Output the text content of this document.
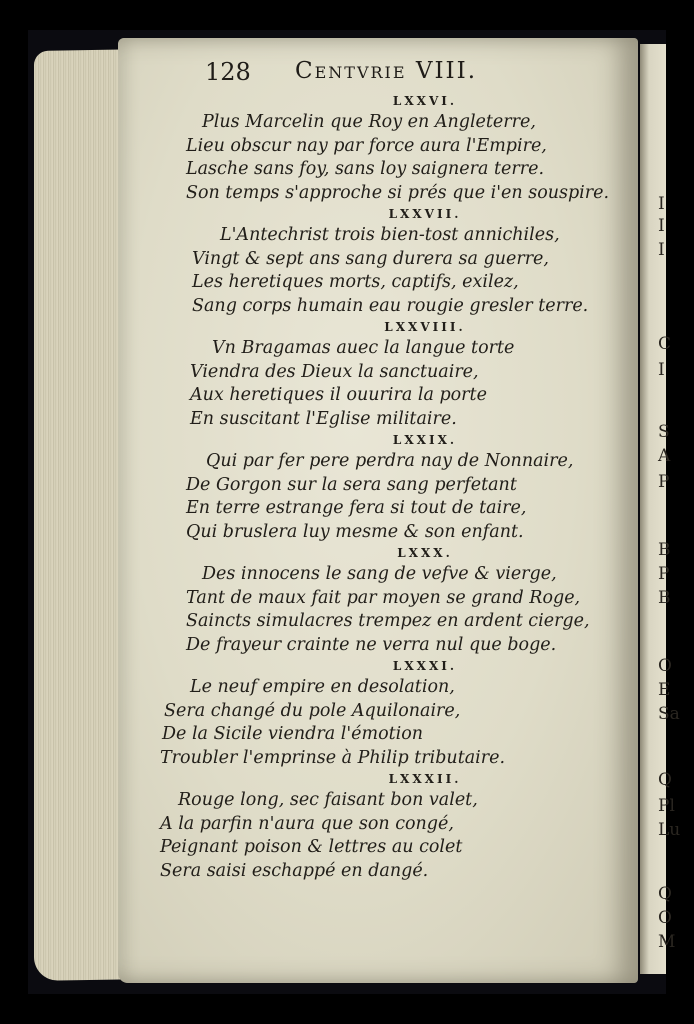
I
I
I
C
I
S
A
P
B
P
B
O
E
Sa
Q
Pl
Lu
Q
O
M
128 Centvrie VIII.
LXXVI.
Plus Marcelin que Roy en Angleterre,
Lieu obscur nay par force aura l'Empire,
Lasche sans foy, sans loy saignera terre.
Son temps s'approche si prés que i'en souspire.
LXXVII.
L'Antechrist trois bien-tost annichiles,
Vingt & sept ans sang durera sa guerre,
Les heretiques morts, captifs, exilez,
Sang corps humain eau rougie gresler terre.
LXXVIII.
Vn Bragamas auec la langue torte
Viendra des Dieux la sanctuaire,
Aux heretiques il ouurira la porte
En suscitant l'Eglise militaire.
LXXIX.
Qui par fer pere perdra nay de Nonnaire,
De Gorgon sur la sera sang perfetant
En terre estrange fera si tout de taire,
Qui bruslera luy mesme & son enfant.
LXXX.
Des innocens le sang de vefve & vierge,
Tant de maux fait par moyen se grand Roge,
Saincts simulacres trempez en ardent cierge,
De frayeur crainte ne verra nul que boge.
LXXXI.
Le neuf empire en desolation,
Sera changé du pole Aquilonaire,
De la Sicile viendra l'émotion
Troubler l'emprinse à Philip tributaire.
LXXXII.
Rouge long, sec faisant bon valet,
A la parfin n'aura que son congé,
Peignant poison & lettres au colet
Sera saisi eschappé en dangé.
